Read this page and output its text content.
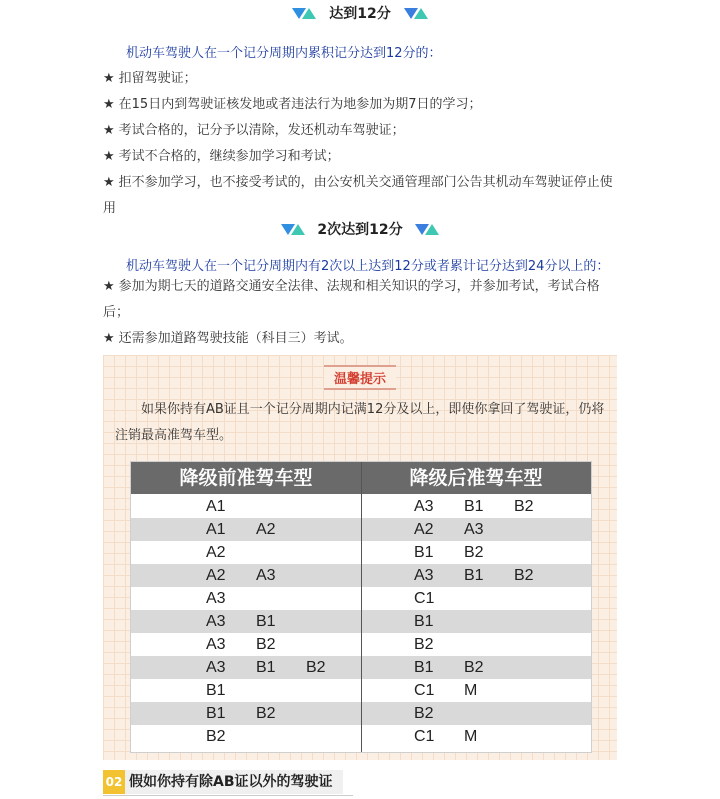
达到12分
机动车驾驶人在一个记分周期内累积记分达到12分的：
★ 扣留驾驶证；
★ 在15日内到驾驶证核发地或者违法行为地参加为期7日的学习；
★ 考试合格的，记分予以清除，发还机动车驾驶证；
★ 考试不合格的，继续参加学习和考试；
★ 拒不参加学习，也不接受考试的，由公安机关交通管理部门公告其机动车驾驶证停止使用
2次达到12分
机动车驾驶人在一个记分周期内有2次以上达到12分或者累计记分达到24分以上的：
★ 参加为期七天的道路交通安全法律、法规和相关知识的学习，并参加考试，考试合格后；
★ 还需参加道路驾驶技能（科目三）考试。
温馨提示
如果你持有AB证且一个记分周期内记满12分及以上，即使你拿回了驾驶证，仍将注销最高准驾车型。
降级前准驾车型	降级后准驾车型
A1	A3 B1 B2
A1 A2	A2 A3
A2	B1 B2
A2 A3	A3 B1 B2
A3	C1
A3 B1	B1
A3 B2	B2
A3 B1 B2	B1 B2
B1	C1 M
B1 B2	B2
B2	C1 M
02 假如你持有除AB证以外的驾驶证
